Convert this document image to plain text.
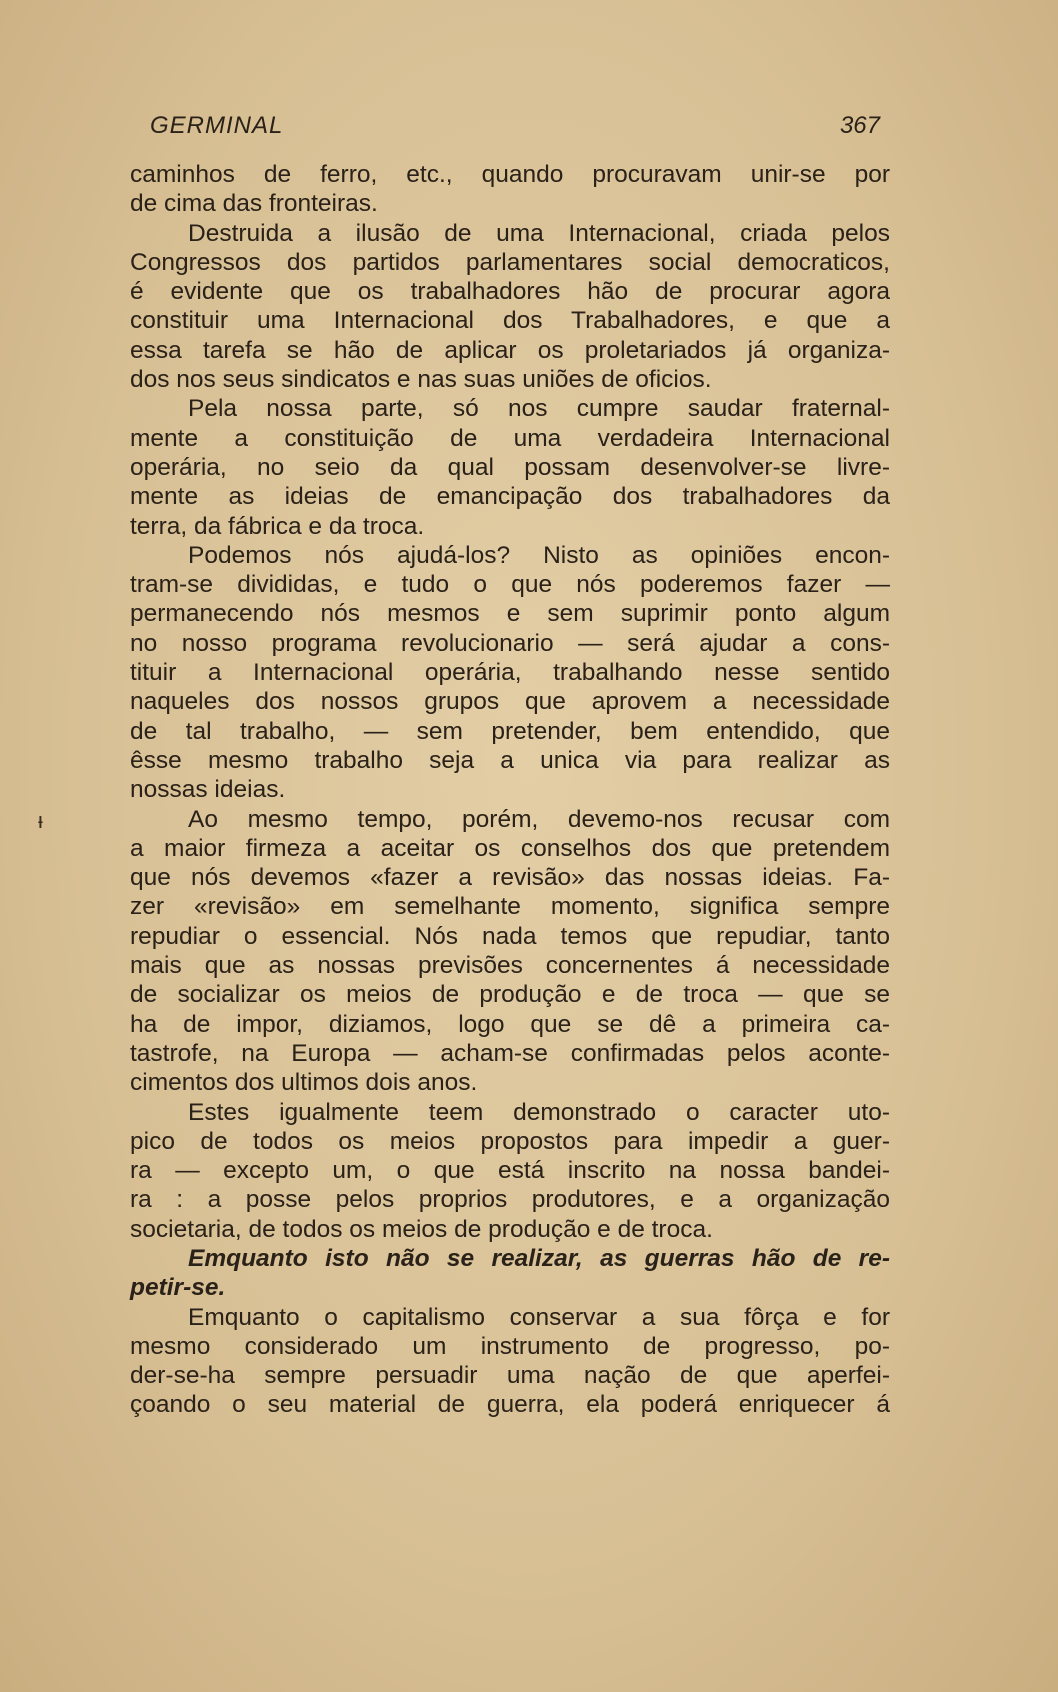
GERMINAL	367
caminhos de ferro, etc., quando procuravam unir-se por
de cima das fronteiras.
Destruida a ilusão de uma Internacional, criada pelos
Congressos dos partidos parlamentares social democraticos,
é evidente que os trabalhadores hão de procurar agora
constituir uma Internacional dos Trabalhadores, e que a
essa tarefa se hão de aplicar os proletariados já organiza-
dos nos seus sindicatos e nas suas uniões de oficios.
Pela nossa parte, só nos cumpre saudar fraternal-
mente a constituição de uma verdadeira Internacional
operária, no seio da qual possam desenvolver-se livre-
mente as ideias de emancipação dos trabalhadores da
terra, da fábrica e da troca.
Podemos nós ajudá-los? Nisto as opiniões encon-
tram-se divididas, e tudo o que nós poderemos fazer —
permanecendo nós mesmos e sem suprimir ponto algum
no nosso programa revolucionario — será ajudar a cons-
tituir a Internacional operária, trabalhando nesse sentido
naqueles dos nossos grupos que aprovem a necessidade
de tal trabalho, — sem pretender, bem entendido, que
êsse mesmo trabalho seja a unica via para realizar as
nossas ideias.
Ao mesmo tempo, porém, devemo-nos recusar com
a maior firmeza a aceitar os conselhos dos que pretendem
que nós devemos «fazer a revisão» das nossas ideias. Fa-
zer «revisão» em semelhante momento, significa sempre
repudiar o essencial. Nós nada temos que repudiar, tanto
mais que as nossas previsões concernentes á necessidade
de socializar os meios de produção e de troca — que se
ha de impor, diziamos, logo que se dê a primeira ca-
tastrofe, na Europa — acham-se confirmadas pelos aconte-
cimentos dos ultimos dois anos.
Estes igualmente teem demonstrado o caracter uto-
pico de todos os meios propostos para impedir a guer-
ra — excepto um, o que está inscrito na nossa bandei-
ra : a posse pelos proprios produtores, e a organização
societaria, de todos os meios de produção e de troca.
Emquanto isto não se realizar, as guerras hão de re-
petir-se.
Emquanto o capitalismo conservar a sua fôrça e for
mesmo considerado um instrumento de progresso, po-
der-se-ha sempre persuadir uma nação de que aperfei-
çoando o seu material de guerra, ela poderá enriquecer á
ᵻ
